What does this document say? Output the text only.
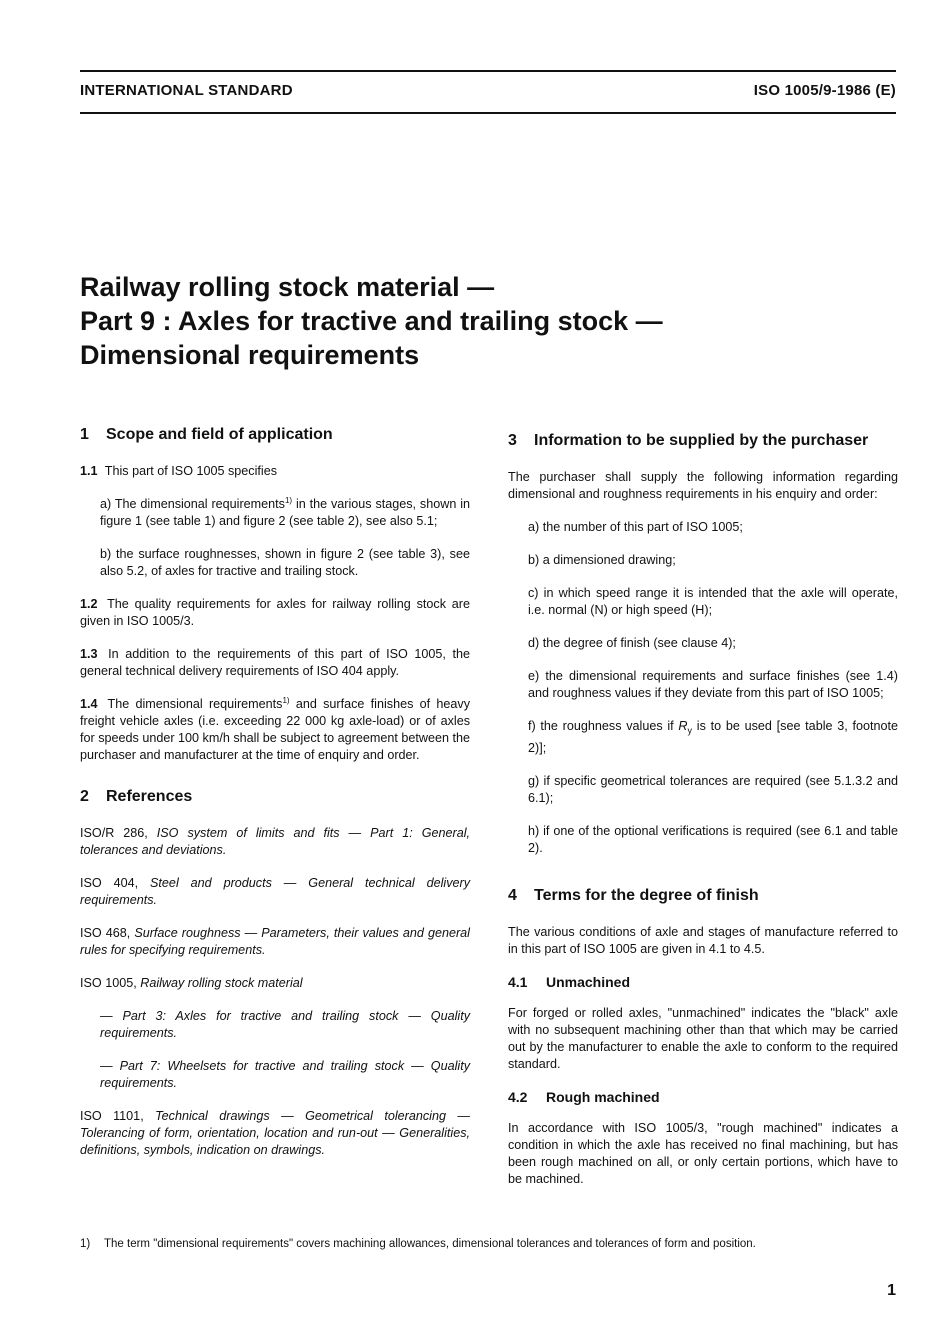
INTERNATIONAL STANDARD	ISO 1005/9-1986 (E)
Railway rolling stock material —
Part 9 : Axles for tractive and trailing stock —
Dimensional requirements
1 Scope and field of application

1.1 This part of ISO 1005 specifies

a) The dimensional requirements$^{1)}$ in the various stages, shown in figure 1 (see table 1) and figure 2 (see table 2), see also 5.1;

b) the surface roughnesses, shown in figure 2 (see table 3), see also 5.2, of axles for tractive and trailing stock.

1.2 The quality requirements for axles for railway rolling stock are given in ISO 1005/3.

1.3 In addition to the requirements of this part of ISO 1005, the general technical delivery requirements of ISO 404 apply.

1.4 The dimensional requirements$^{1)}$ and surface finishes of heavy freight vehicle axles (i.e. exceeding 22 000 kg axle-load) or of axles for speeds under 100 km/h shall be subject to agreement between the purchaser and manufacturer at the time of enquiry and order.

2 References

ISO/R 286, ISO system of limits and fits — Part 1: General, tolerances and deviations.

ISO 404, Steel and products — General technical delivery requirements.

ISO 468, Surface roughness — Parameters, their values and general rules for specifying requirements.

ISO 1005, Railway rolling stock material

— Part 3: Axles for tractive and trailing stock — Quality requirements.

— Part 7: Wheelsets for tractive and trailing stock — Quality requirements.

ISO 1101, Technical drawings — Geometrical tolerancing — Tolerancing of form, orientation, location and run-out — Generalities, definitions, symbols, indication on drawings.

3 Information to be supplied by the purchaser

The purchaser shall supply the following information regarding dimensional and roughness requirements in his enquiry and order:

a) the number of this part of ISO 1005;

b) a dimensioned drawing;

c) in which speed range it is intended that the axle will operate, i.e. normal (N) or high speed (H);

d) the degree of finish (see clause 4);

e) the dimensional requirements and surface finishes (see 1.4) and roughness values if they deviate from this part of ISO 1005;

f) the roughness values if $R_y$ is to be used [see table 3, footnote 2)];

g) if specific geometrical tolerances are required (see 5.1.3.2 and 6.1);

h) if one of the optional verifications is required (see 6.1 and table 2).

4 Terms for the degree of finish

The various conditions of axle and stages of manufacture referred to in this part of ISO 1005 are given in 4.1 to 4.5.

4.1 Unmachined

For forged or rolled axles, "unmachined" indicates the "black" axle with no subsequent machining other than that which may be carried out by the manufacturer to enable the axle to conform to the required standard.

4.2 Rough machined

In accordance with ISO 1005/3, "rough machined" indicates a condition in which the axle has received no final machining, but has been rough machined on all, or only certain portions, which have to be machined.

1) The term "dimensional requirements" covers machining allowances, dimensional tolerances and tolerances of form and position.
1
